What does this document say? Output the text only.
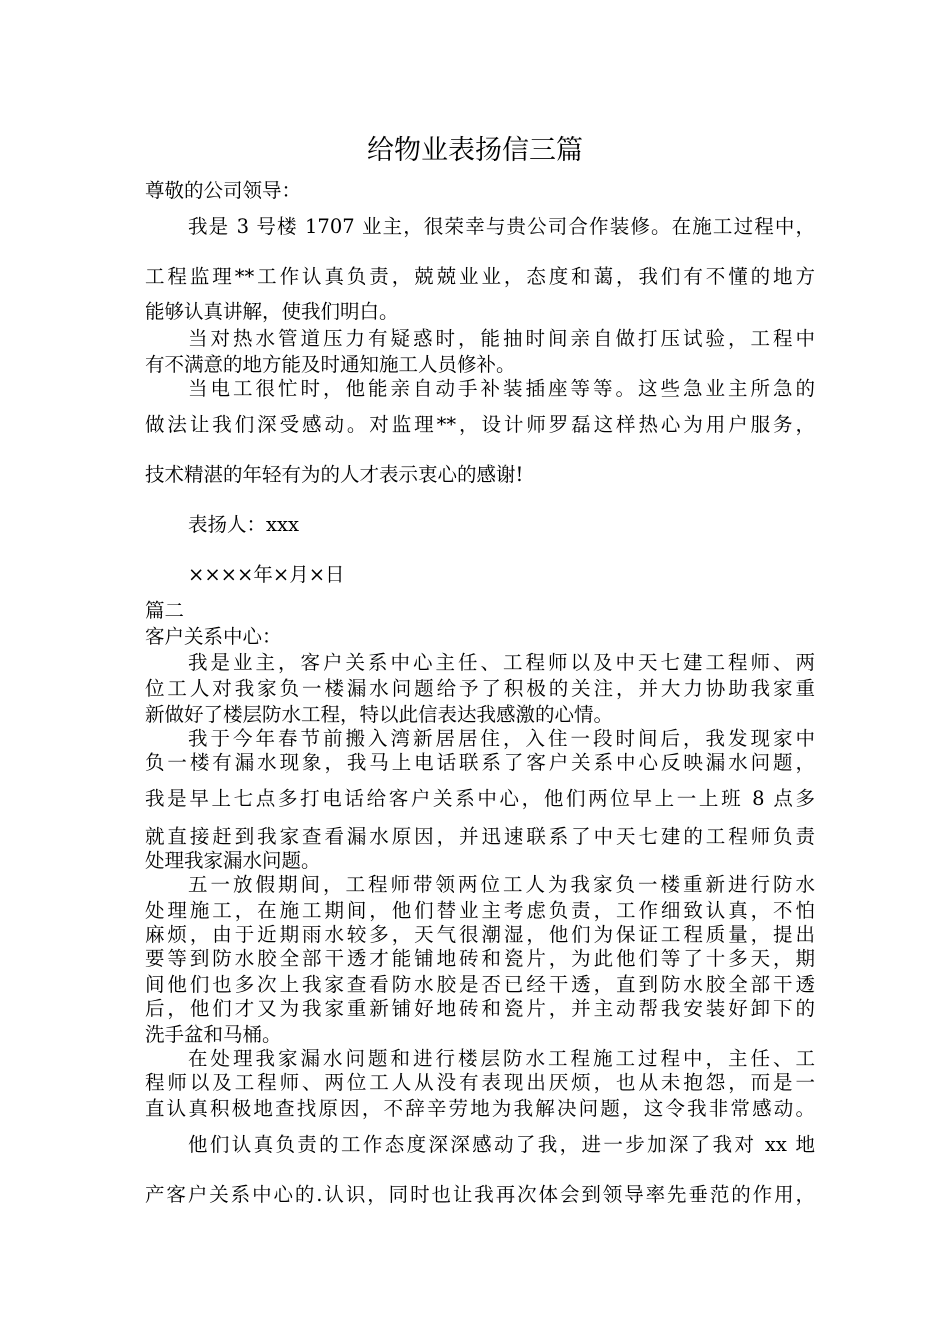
给物业表扬信三篇
尊敬的公司领导：
我是 3 号楼 1707 业主，很荣幸与贵公司合作装修。在施工过程中，
工程监理**工作认真负责，兢兢业业，态度和蔼，我们有不懂的地方
能够认真讲解，使我们明白。
当对热水管道压力有疑惑时，能抽时间亲自做打压试验，工程中
有不满意的地方能及时通知施工人员修补。
当电工很忙时，他能亲自动手补装插座等等。这些急业主所急的
做法让我们深受感动。对监理**，设计师罗磊这样热心为用户服务，
技术精湛的年轻有为的人才表示衷心的感谢!
表扬人：xxx
××××年×月×日
篇二
客户关系中心：
我是业主，客户关系中心主任、工程师以及中天七建工程师、两
位工人对我家负一楼漏水问题给予了积极的关注，并大力协助我家重
新做好了楼层防水工程，特以此信表达我感激的心情。
我于今年春节前搬入湾新居居住，入住一段时间后，我发现家中
负一楼有漏水现象，我马上电话联系了客户关系中心反映漏水问题，
我是早上七点多打电话给客户关系中心，他们两位早上一上班 8 点多
就直接赶到我家查看漏水原因，并迅速联系了中天七建的工程师负责
处理我家漏水问题。
五一放假期间，工程师带领两位工人为我家负一楼重新进行防水
处理施工，在施工期间，他们替业主考虑负责，工作细致认真，不怕
麻烦，由于近期雨水较多，天气很潮湿，他们为保证工程质量，提出
要等到防水胶全部干透才能铺地砖和瓷片，为此他们等了十多天，期
间他们也多次上我家查看防水胶是否已经干透，直到防水胶全部干透
后，他们才又为我家重新铺好地砖和瓷片，并主动帮我安装好卸下的
洗手盆和马桶。
在处理我家漏水问题和进行楼层防水工程施工过程中，主任、工
程师以及工程师、两位工人从没有表现出厌烦，也从未抱怨，而是一
直认真积极地查找原因，不辞辛劳地为我解决问题，这令我非常感动。
他们认真负责的工作态度深深感动了我，进一步加深了我对 xx 地
产客户关系中心的.认识，同时也让我再次体会到领导率先垂范的作用，
